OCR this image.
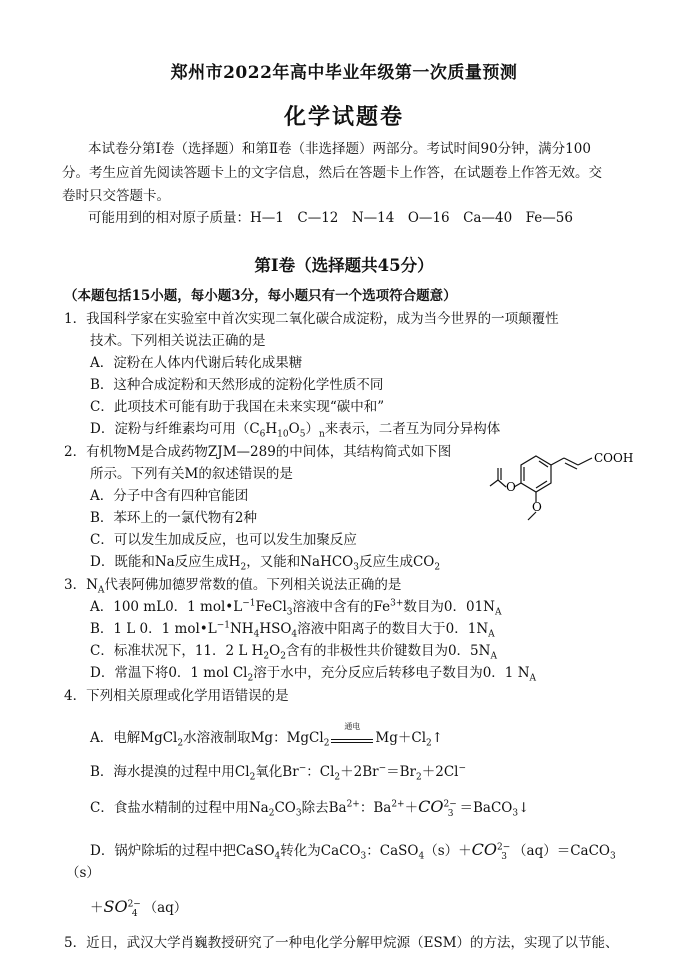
郑州市2022年高中毕业年级第一次质量预测
化学试题卷
本试卷分第Ⅰ卷（选择题）和第Ⅱ卷（非选择题）两部分。考试时间90分钟，满分100
分。考生应首先阅读答题卡上的文字信息，然后在答题卡上作答，在试题卷上作答无效。交
卷时只交答题卡。
可能用到的相对原子质量：H—1　C—12　N—14　O—16　Ca—40　Fe—56
第Ⅰ卷（选择题共45分）
（本题包括15小题，每小题3分，每小题只有一个选项符合题意）
1．我国科学家在实验室中首次实现二氧化碳合成淀粉，成为当今世界的一项颠覆性
技术。下列相关说法正确的是
A．淀粉在人体内代谢后转化成果糖
B．这种合成淀粉和天然形成的淀粉化学性质不同
C．此项技术可能有助于我国在未来实现“碳中和”
D．淀粉与纤维素均可用$(C_6H_{10}O_5)_n$来表示，二者互为同分异构体
2．有机物M是合成药物ZJM—289的中间体，其结构简式如下图
所示。下列有关M的叙述错误的是
A．分子中含有四种官能团
B．苯环上的一氯代物有2种
C．可以发生加成反应，也可以发生加聚反应
D．既能和Na反应生成$H_2$，又能和NaHCO$_3$反应生成$CO_2$
COOH
O
O
3．$N_A$代表阿佛加德罗常数的值。下列相关说法正确的是
A．100 mL0．1 $mol•L^{-1}FeCl_3$溶液中含有的$Fe^{3+}$数目为0．$01N_A$
B．1 L 0．1 $mol•L^{-1}NH_4HSO_4$溶液中阳离子的数目大于0．$1N_A$
C．标准状况下，11．2 L $H_2O_2$含有的非极性共价键数目为0．$5N_A$
D．常温下将0．1 mol $Cl_2$溶于水中，充分反应后转移电子数目为0．1 $N_A$
4．下列相关原理或化学用语错误的是
A．电解MgCl$_2$水溶液制取Mg：MgCl$_2$
通电
$Mg+Cl_2↑$
B．海水提溴的过程中用$Cl_2$氧化Br−：$Cl_2+2Br^-=Br_2+2Cl^-$
C．食盐水精制的过程中用$Na_2CO_3$除去$Ba^{2+}$：$Ba^{2+}+CO^{2-}_3$ ＝BaCO$_3$↓
D．锅炉除垢的过程中把CaSO$_4$转化为CaCO$_3$：$CaSO_4(s)+CO^{2-}_3$ （aq）＝CaCO$_3$
（s）
$+SO^{2-}_4$ （aq）
5．近日，武汉大学肖巍教授研究了一种电化学分解甲烷源（ESM）的方法，实现了以节能、
